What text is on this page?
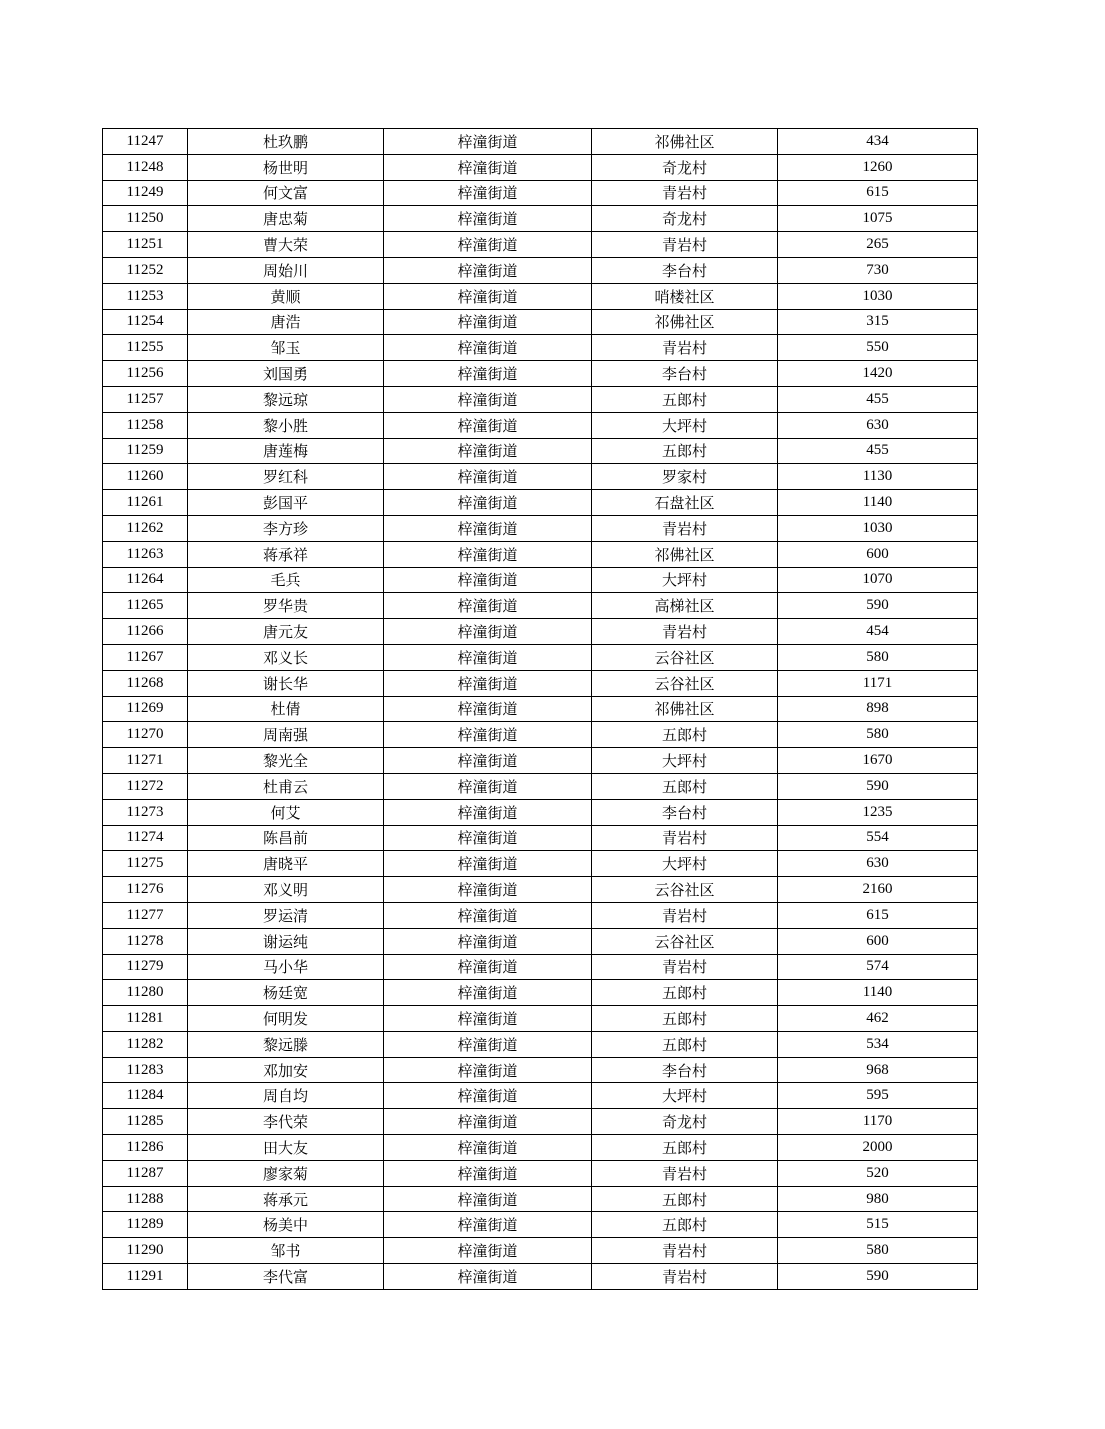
11247	杜玖鹏	梓潼街道	祁佛社区	434
11248	杨世明	梓潼街道	奇龙村	1260
11249	何文富	梓潼街道	青岩村	615
11250	唐忠菊	梓潼街道	奇龙村	1075
11251	曹大荣	梓潼街道	青岩村	265
11252	周始川	梓潼街道	李台村	730
11253	黄顺	梓潼街道	哨楼社区	1030
11254	唐浩	梓潼街道	祁佛社区	315
11255	邹玉	梓潼街道	青岩村	550
11256	刘国勇	梓潼街道	李台村	1420
11257	黎远琼	梓潼街道	五郎村	455
11258	黎小胜	梓潼街道	大坪村	630
11259	唐莲梅	梓潼街道	五郎村	455
11260	罗红科	梓潼街道	罗家村	1130
11261	彭国平	梓潼街道	石盘社区	1140
11262	李方珍	梓潼街道	青岩村	1030
11263	蒋承祥	梓潼街道	祁佛社区	600
11264	毛兵	梓潼街道	大坪村	1070
11265	罗华贵	梓潼街道	高梯社区	590
11266	唐元友	梓潼街道	青岩村	454
11267	邓义长	梓潼街道	云谷社区	580
11268	谢长华	梓潼街道	云谷社区	1171
11269	杜倩	梓潼街道	祁佛社区	898
11270	周南强	梓潼街道	五郎村	580
11271	黎光全	梓潼街道	大坪村	1670
11272	杜甫云	梓潼街道	五郎村	590
11273	何艾	梓潼街道	李台村	1235
11274	陈昌前	梓潼街道	青岩村	554
11275	唐晓平	梓潼街道	大坪村	630
11276	邓义明	梓潼街道	云谷社区	2160
11277	罗运清	梓潼街道	青岩村	615
11278	谢运纯	梓潼街道	云谷社区	600
11279	马小华	梓潼街道	青岩村	574
11280	杨廷宽	梓潼街道	五郎村	1140
11281	何明发	梓潼街道	五郎村	462
11282	黎远滕	梓潼街道	五郎村	534
11283	邓加安	梓潼街道	李台村	968
11284	周自均	梓潼街道	大坪村	595
11285	李代荣	梓潼街道	奇龙村	1170
11286	田大友	梓潼街道	五郎村	2000
11287	廖家菊	梓潼街道	青岩村	520
11288	蒋承元	梓潼街道	五郎村	980
11289	杨美中	梓潼街道	五郎村	515
11290	邹书	梓潼街道	青岩村	580
11291	李代富	梓潼街道	青岩村	590
